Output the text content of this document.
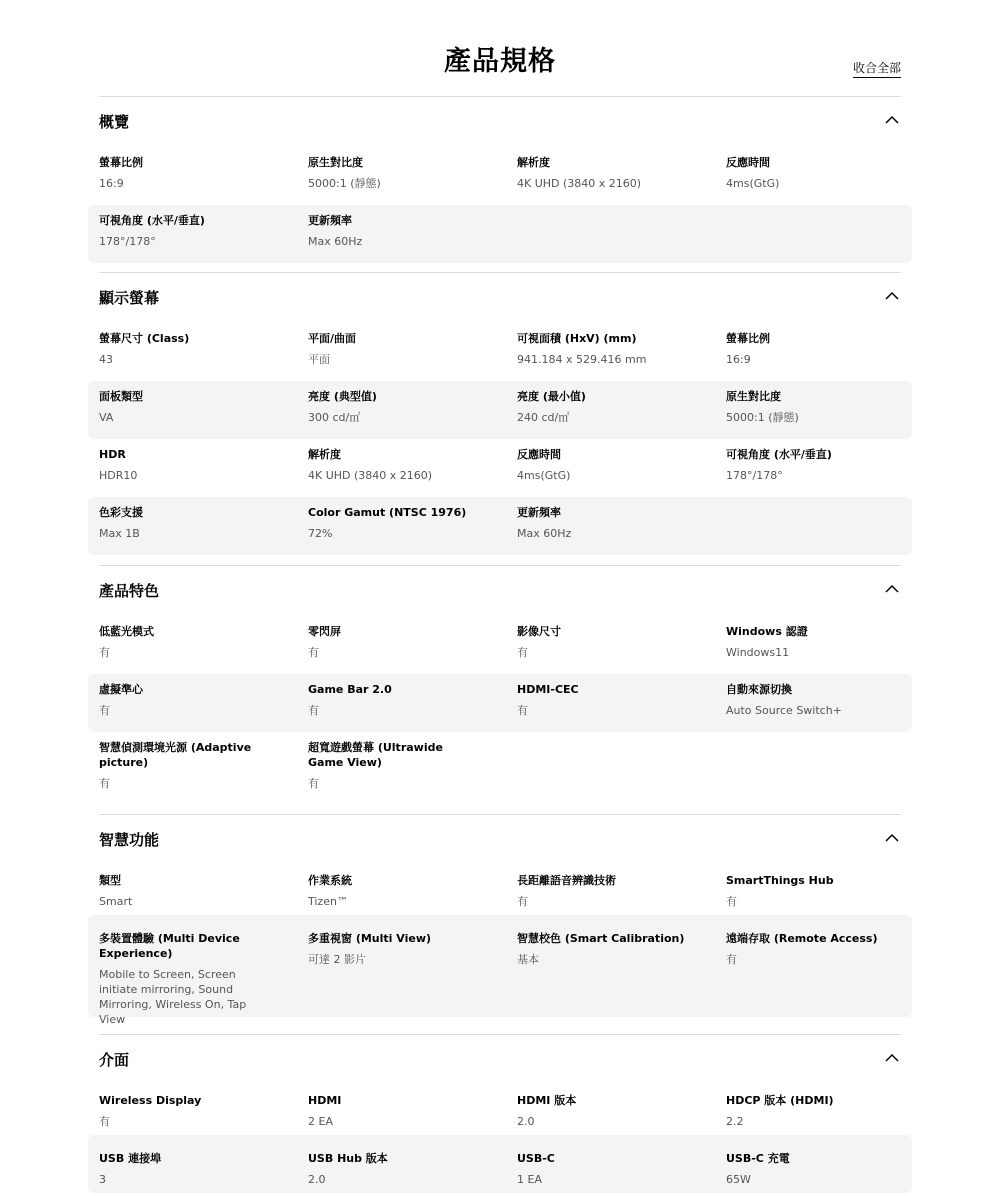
產品規格	收合全部
概覽
螢幕比例
16:9
原生對比度
5000:1 (靜態)
解析度
4K UHD (3840 x 2160)
反應時間
4ms(GtG)
可視角度 (水平/垂直)
178°/178°
更新頻率
Max 60Hz
顯示螢幕
螢幕尺寸 (Class)
43
平面/曲面
平面
可視面積 (HxV) (mm)
941.184 x 529.416 mm
螢幕比例
16:9
面板類型
VA
亮度 (典型值)
300 cd/㎡
亮度 (最小值)
240 cd/㎡
原生對比度
5000:1 (靜態)
HDR
HDR10
解析度
4K UHD (3840 x 2160)
反應時間
4ms(GtG)
可視角度 (水平/垂直)
178°/178°
色彩支援
Max 1B
Color Gamut (NTSC 1976)
72%
更新頻率
Max 60Hz
產品特色
低藍光模式
有
零閃屏
有
影像尺寸
有
Windows 認證
Windows11
虛擬準心
有
Game Bar 2.0
有
HDMI-CEC
有
自動來源切換
Auto Source Switch+
智慧偵測環境光源 (Adaptive picture)
有
超寬遊戲螢幕 (Ultrawide Game View)
有
智慧功能
類型
Smart
作業系統
Tizen™
長距離語音辨識技術
有
SmartThings Hub
有
多裝置體驗 (Multi Device Experience)
Mobile to Screen, Screen initiate mirroring, Sound Mirroring, Wireless On, Tap View
多重視窗 (Multi View)
可達 2 影片
智慧校色 (Smart Calibration)
基本
遠端存取 (Remote Access)
有
介面
Wireless Display
有
HDMI
2 EA
HDMI 版本
2.0
HDCP 版本 (HDMI)
2.2
USB 連接埠
3
USB Hub 版本
2.0
USB-C
1 EA
USB-C 充電
65W
